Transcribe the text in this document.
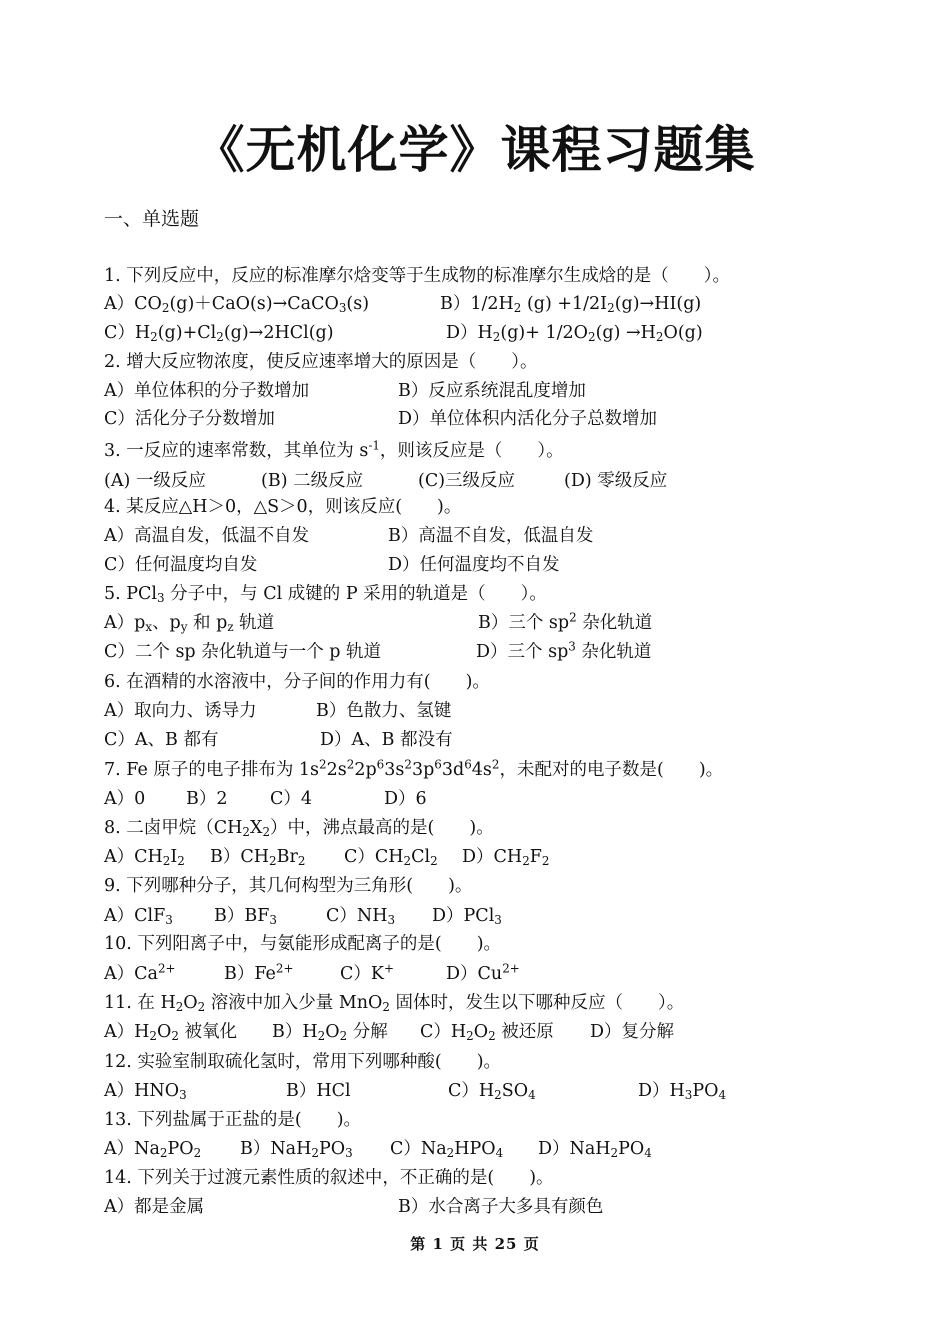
《无机化学》课程习题集
一、单选题
1. 下列反应中，反应的标准摩尔焓变等于生成物的标准摩尔生成焓的是（　　）。
$A)CO_2(g)+CaO(s)\to CaCO_3(s)$	$B)1/2H_2$ $(g) +1/2I_2(g)\to HI(g)$
$C)H_2(g)+Cl_2(g)\to 2HCl(g)$	$D)H_2(g)+ 1/2O_2(g) \to H_2O(g)$
2. 增大反应物浓度，使反应速率增大的原因是（　　）。
A）单位体积的分子数增加	B）反应系统混乱度增加
C）活化分子分数增加	D）单位体积内活化分子总数增加
3. 一反应的速率常数，其单位为 $s^{-1}$，则该反应是（　　）。
(A) 一级反应	(B) 二级反应	(C)三级反应	(D) 零级反应
4. 某反应△H＞0，△S＞0，则该反应(　　)。
A）高温自发，低温不自发	B）高温不自发，低温自发
C）任何温度均自发	D）任何温度均不自发
5. PCl$_3$ 分子中，与 Cl 成键的 P 采用的轨道是（　　）。
$A)p_x$、$p_y$ 和 $p_z$ 轨道	B）三个 $sp^2$ 杂化轨道
C）二个 sp 杂化轨道与一个 p 轨道	D）三个 $sp^3$ 杂化轨道
6. 在酒精的水溶液中，分子间的作用力有(　　)。
A）取向力、诱导力	B）色散力、氢键
C）A、B 都有	D）A、B 都没有
7. Fe 原子的电子排布为 $1s^22s^22p^63s^23p^63d^64s^2$，未配对的电子数是(　　)。
A）0 B）2 C）4	D）6
8. 二卤甲烷$(CH_2X_2)$中，沸点最高的是(　　)。
$A)CH_2I_2$ $B)CH_2Br_2$ $C)CH_2Cl_2$ $D)CH_2F_2$
9. 下列哪种分子，其几何构型为三角形(　　)。
A）ClF$_3$ $B)BF_3$	$C)NH_3$ D）PCl$_3$
10. 下列阳离子中，与氨能形成配离子的是(　　)。
$A)Ca^{2+}$	$B)Fe^{2+}$	C）K+	$D)Cu^{2+}$
11. 在 $H_2O_2$ 溶液中加入少量 MnO$_2$ 固体时，发生以下哪种反应（　　）。
$A)H_2O_2$ 被氧化 $B)H_2O_2$ 分解 $C)H_2O_2$ 被还原 D）复分解
12. 实验室制取硫化氢时，常用下列哪种酸(　　)。
$A)HNO_3$	B）HCl	$C)H_2SO_4$	$D)H_3PO_4$
13. 下列盐属于正盐的是(　　)。
$A)Na_2PO_2$ $B)NaH_2PO_3$ $C)Na_2HPO_4$ $D)NaH_2PO_4$
14. 下列关于过渡元素性质的叙述中，不正确的是(　　)。
A）都是金属	B）水合离子大多具有颜色
第 1 页 共 25 页
